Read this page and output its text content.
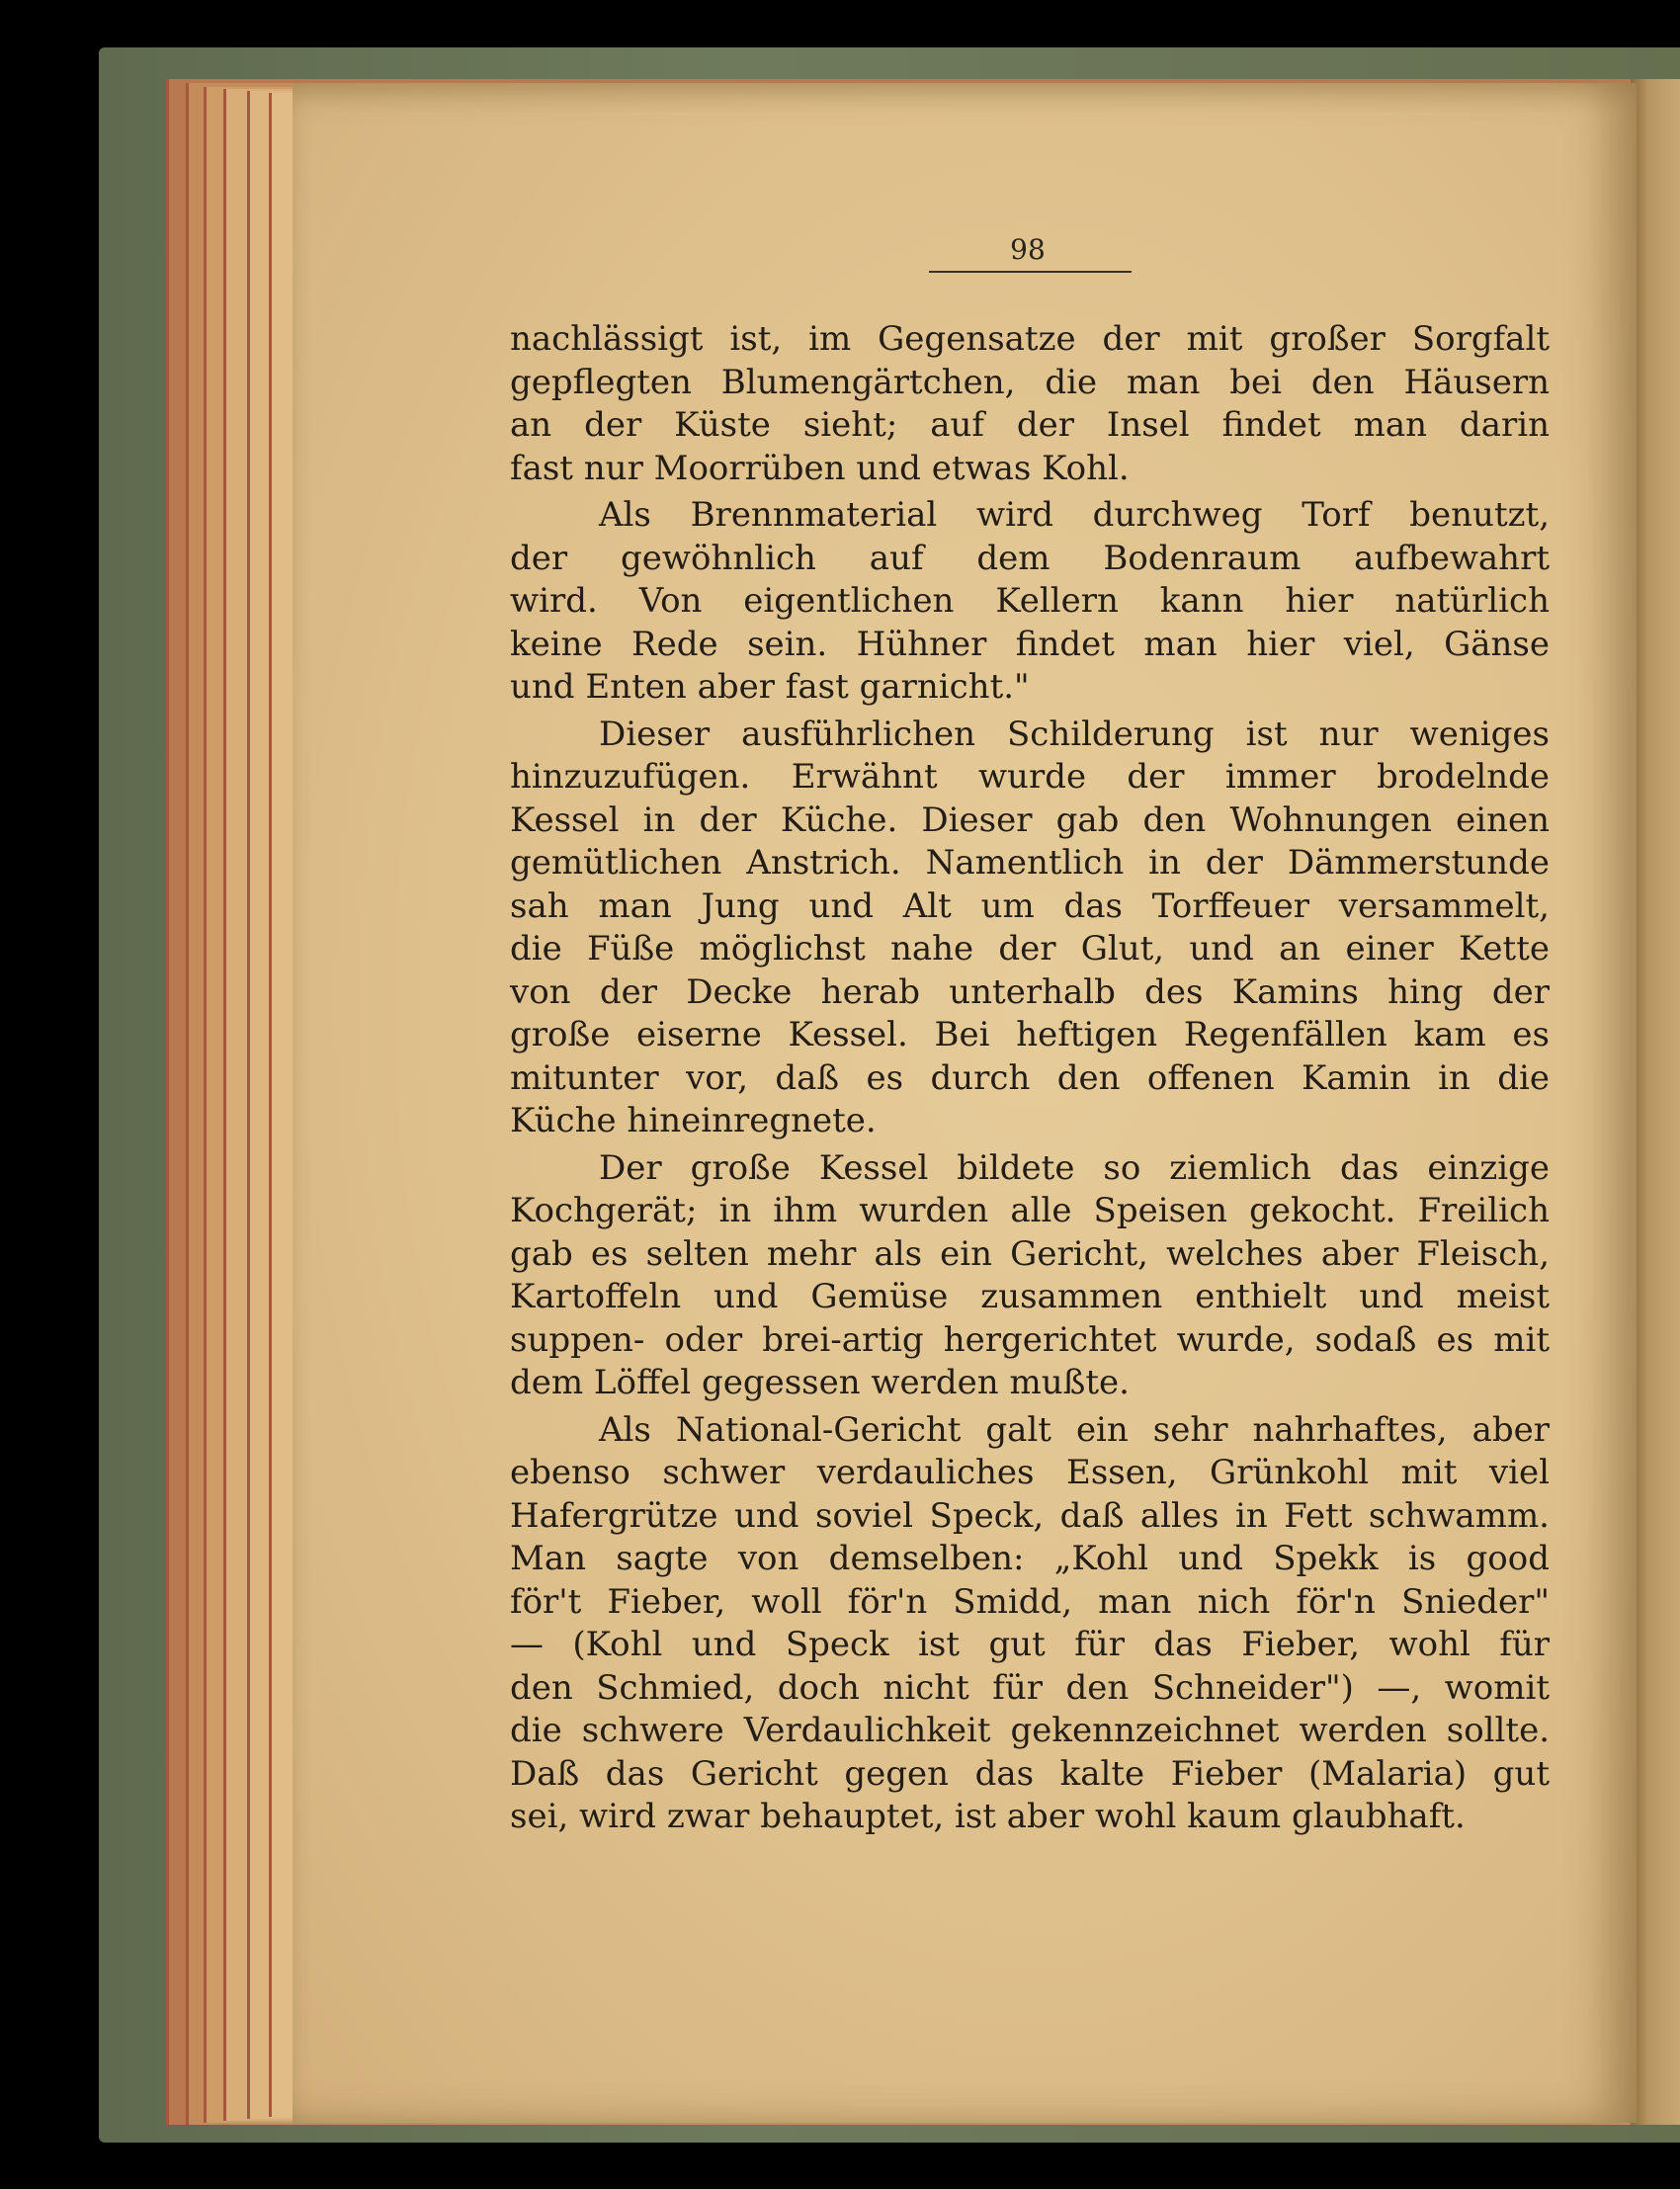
98
nachlässigt ist, im Gegensatze der mit großer Sorgfalt
gepflegten Blumengärtchen, die man bei den Häusern
an der Küste sieht; auf der Insel findet man darin
fast nur Moorrüben und etwas Kohl.
Als Brennmaterial wird durchweg Torf benutzt,
der gewöhnlich auf dem Bodenraum aufbewahrt
wird. Von eigentlichen Kellern kann hier natürlich
keine Rede sein. Hühner findet man hier viel, Gänse
und Enten aber fast garnicht."
Dieser ausführlichen Schilderung ist nur weniges
hinzuzufügen. Erwähnt wurde der immer brodelnde
Kessel in der Küche. Dieser gab den Wohnungen einen
gemütlichen Anstrich. Namentlich in der Dämmerstunde
sah man Jung und Alt um das Torffeuer versammelt,
die Füße möglichst nahe der Glut, und an einer Kette
von der Decke herab unterhalb des Kamins hing der
große eiserne Kessel. Bei heftigen Regenfällen kam es
mitunter vor, daß es durch den offenen Kamin in die
Küche hineinregnete.
Der große Kessel bildete so ziemlich das einzige
Kochgerät; in ihm wurden alle Speisen gekocht. Freilich
gab es selten mehr als ein Gericht, welches aber Fleisch,
Kartoffeln und Gemüse zusammen enthielt und meist
suppen- oder brei-artig hergerichtet wurde, sodaß es mit
dem Löffel gegessen werden mußte.
Als National-Gericht galt ein sehr nahrhaftes, aber
ebenso schwer verdauliches Essen, Grünkohl mit viel
Hafergrütze und soviel Speck, daß alles in Fett schwamm.
Man sagte von demselben: „Kohl und Spekk is good
för't Fieber, woll för'n Smidd, man nich för'n Snieder"
— (Kohl und Speck ist gut für das Fieber, wohl für
den Schmied, doch nicht für den Schneider") —, womit
die schwere Verdaulichkeit gekennzeichnet werden sollte.
Daß das Gericht gegen das kalte Fieber (Malaria) gut
sei, wird zwar behauptet, ist aber wohl kaum glaubhaft.
